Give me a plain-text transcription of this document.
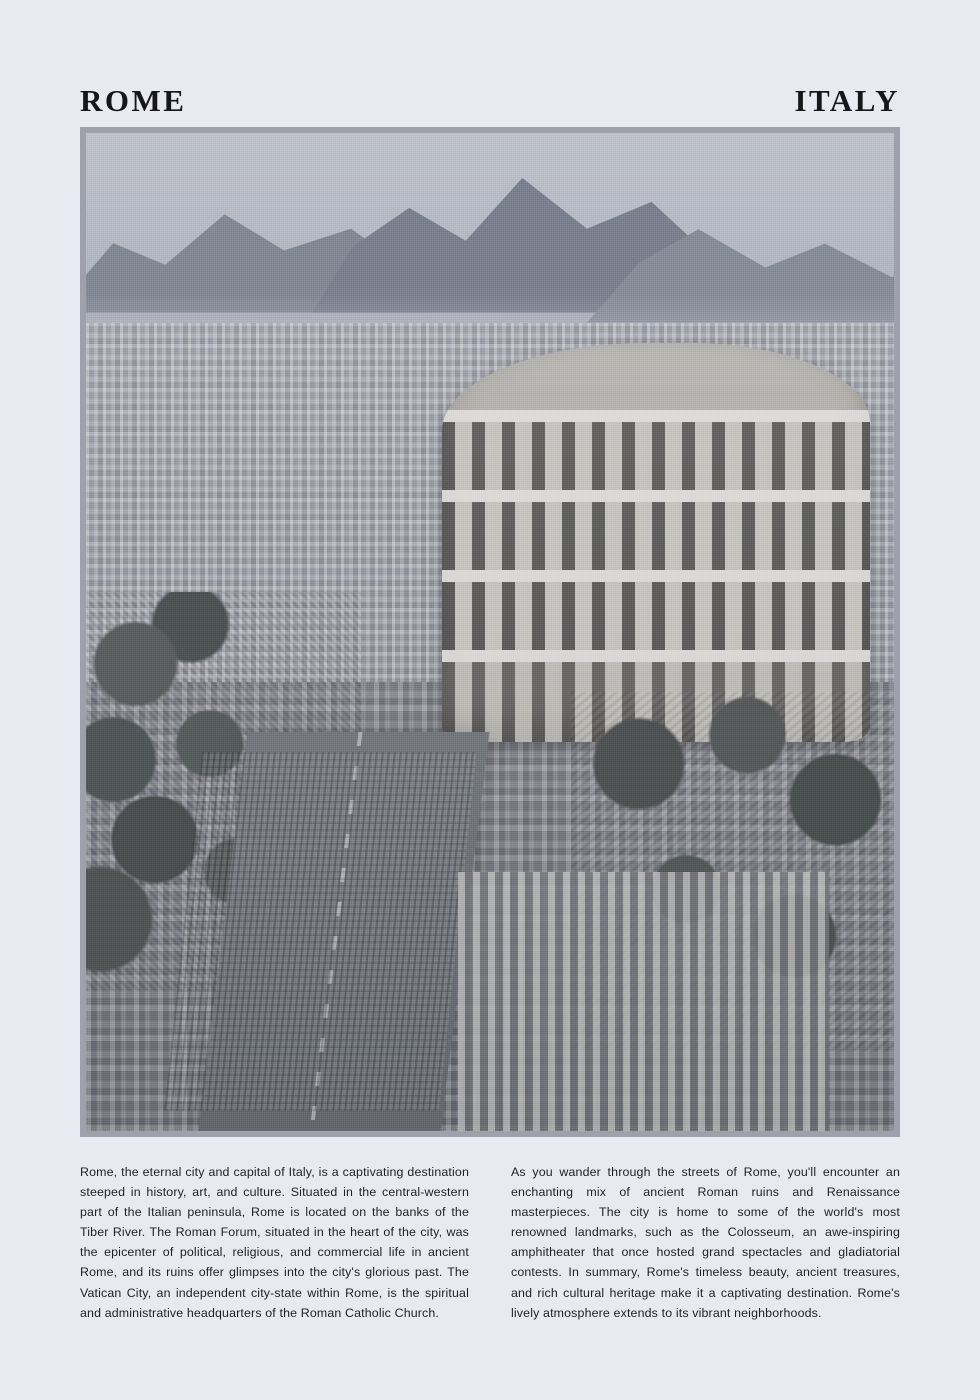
ROME	ITALY

Rome, the eternal city and capital of Italy, is a captivating destination steeped in history, art, and culture. Situated in the central-western part of the Italian peninsula, Rome is located on the banks of the Tiber River. The Roman Forum, situated in the heart of the city, was the epicenter of political, religious, and commercial life in ancient Rome, and its ruins offer glimpses into the city's glorious past. The Vatican City, an independent city-state within Rome, is the spiritual and administrative headquarters of the Roman Catholic Church.

As you wander through the streets of Rome, you'll encounter an enchanting mix of ancient Roman ruins and Renaissance masterpieces. The city is home to some of the world's most renowned landmarks, such as the Colosseum, an awe-inspiring amphitheater that once hosted grand spectacles and gladiatorial contests. In summary, Rome's timeless beauty, ancient treasures, and rich cultural heritage make it a captivating destination. Rome's lively atmosphere extends to its vibrant neighborhoods.
